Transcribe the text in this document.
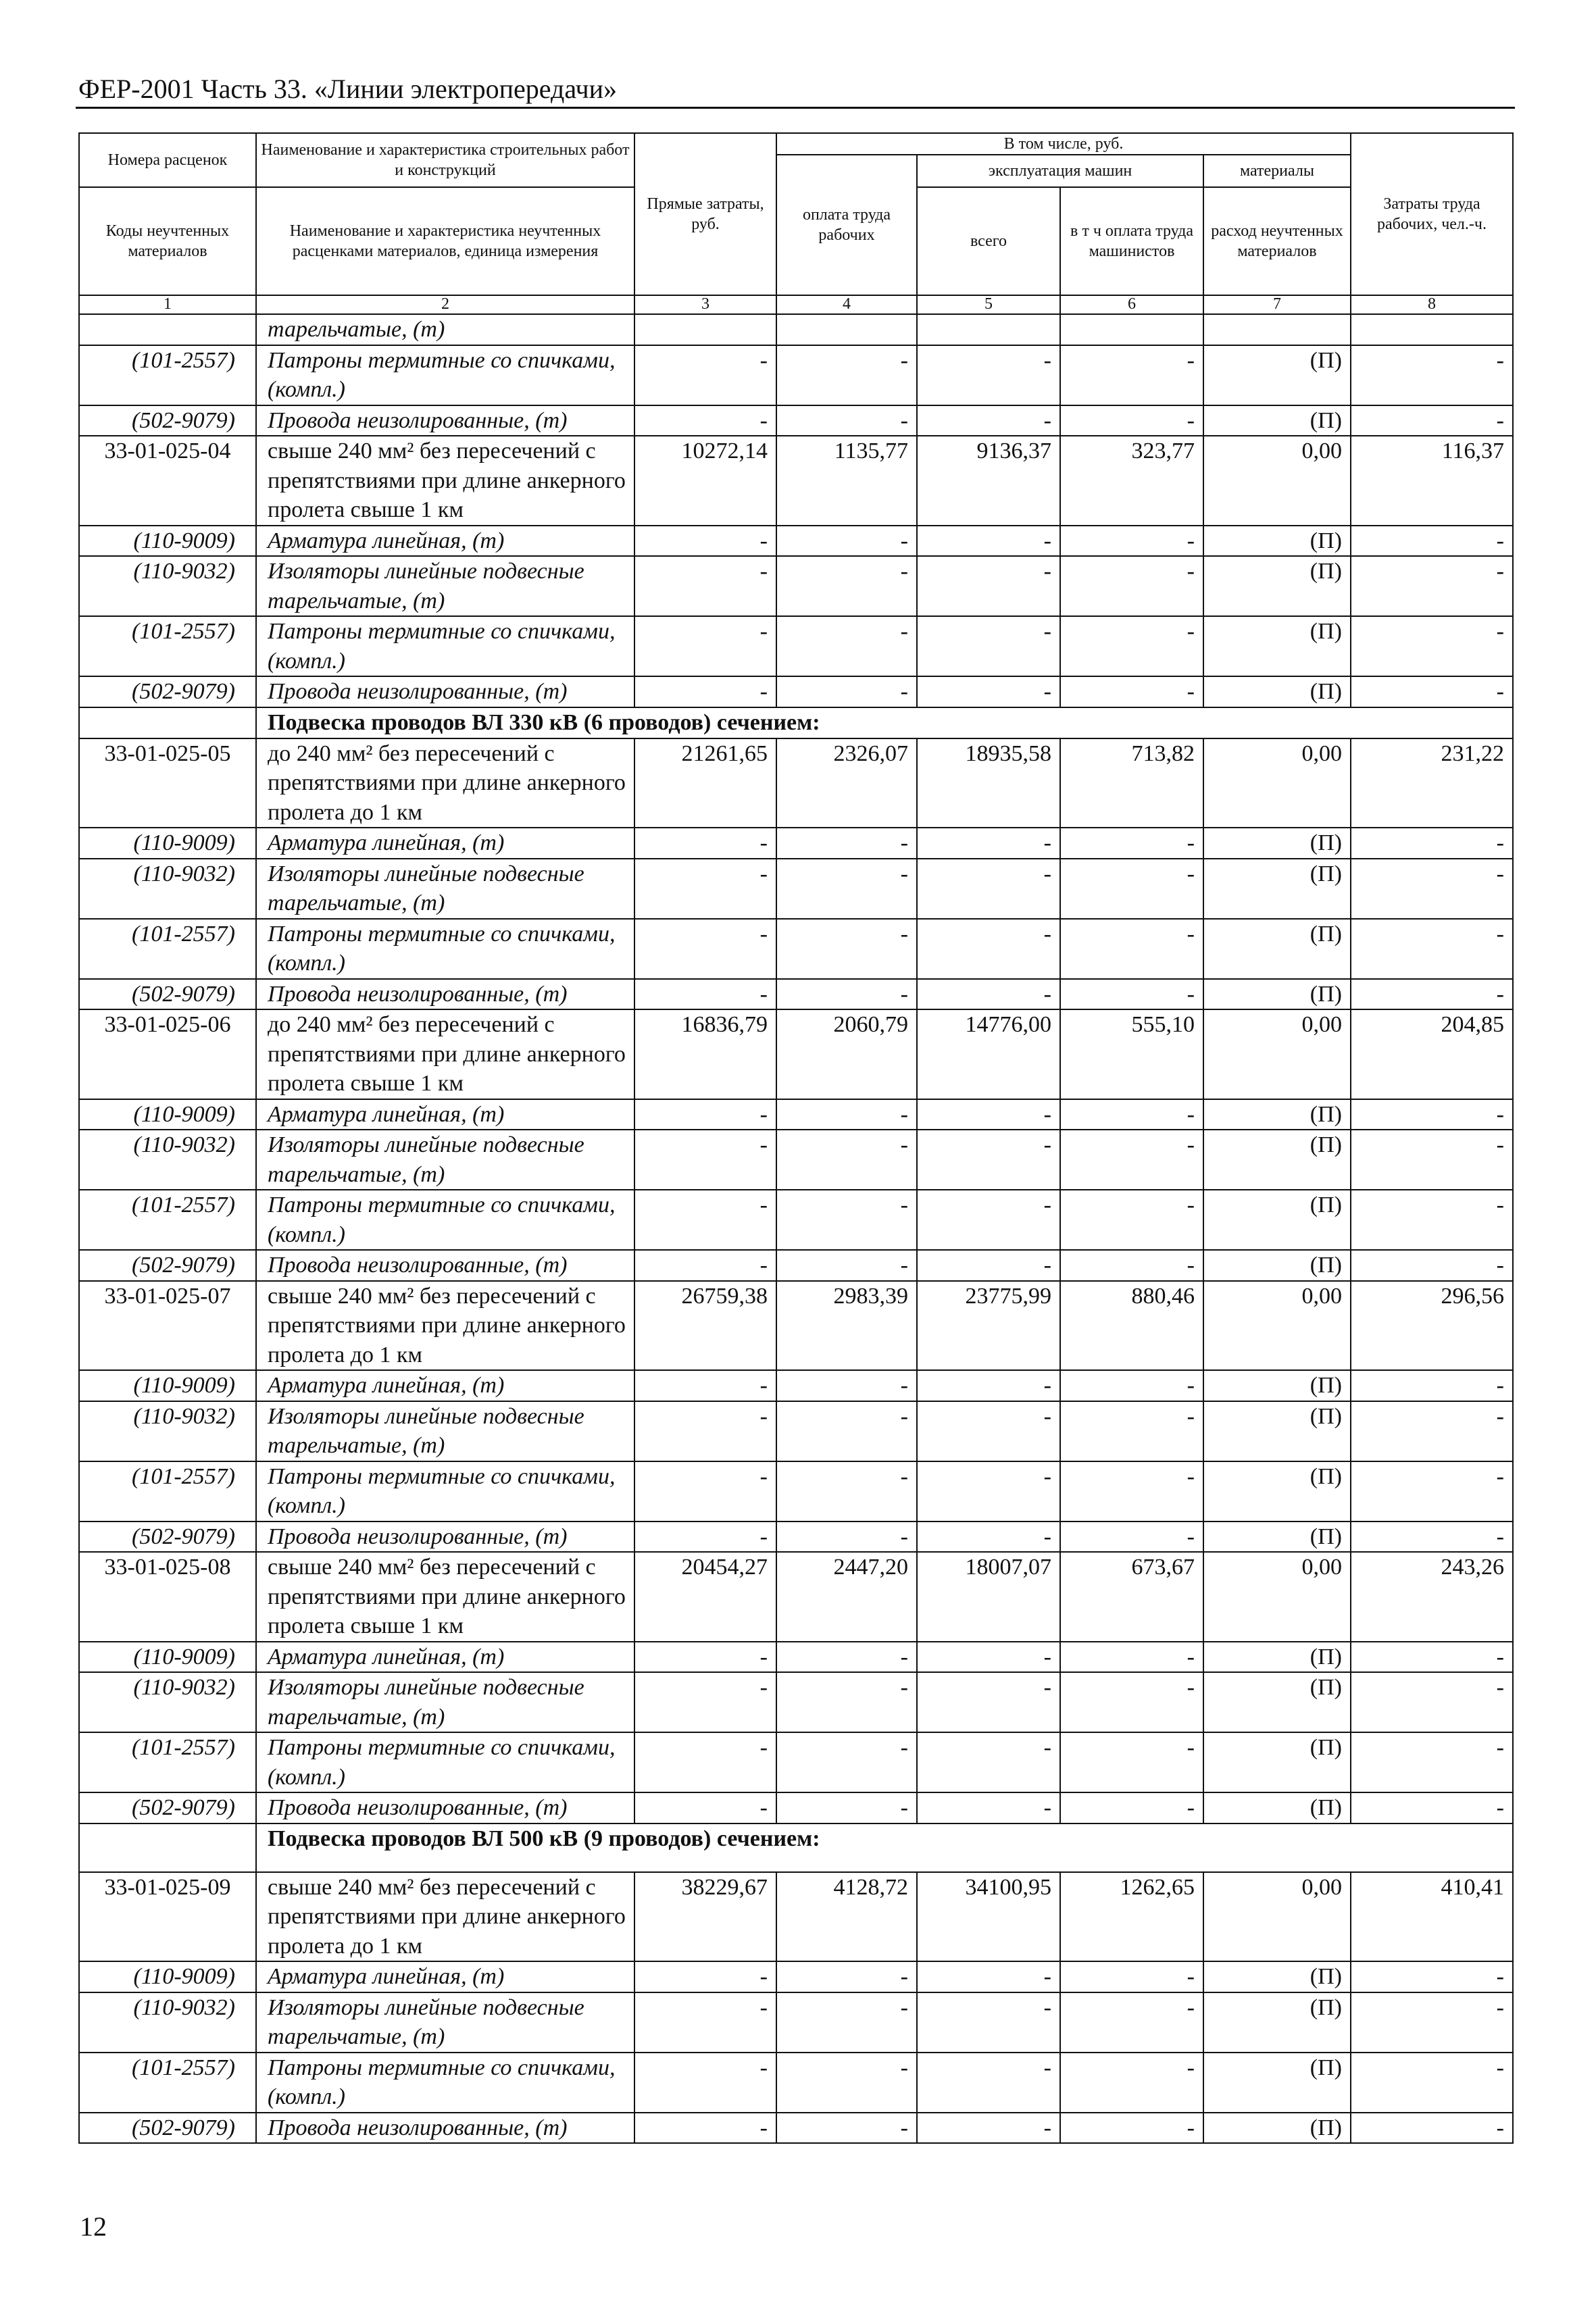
ФЕР-2001 Часть 33. «Линии электропередачи»
Номера расценок	Наименование и характеристика строительных работ и конструкций	Прямые затраты, руб.	В том числе, руб.				Затраты труда рабочих, чел.-ч.

			оплата труда рабочих	эксплуатация машин		материалы	

Коды неучтенных материалов	Наименование и характеристика неучтенных расценками материалов, единица измерения			всего	в т ч оплата труда машинистов	расход неучтенных материалов	

1	2	3	4	5	6	7	8
	тарельчатые, (т)						
(101-2557)	Патроны термитные со спичками, (компл.)	-	-	-	-	(П)	-
(502-9079)	Провода неизолированные, (т)	-	-	-	-	(П)	-
33-01-025-04	свыше 240 мм² без пересечений с препятствиями при длине анкерного пролета свыше 1 км	10272,14	1135,77	9136,37	323,77	0,00	116,37
(110-9009)	Арматура линейная, (т)	-	-	-	-	(П)	-
(110-9032)	Изоляторы линейные подвесные тарельчатые, (т)	-	-	-	-	(П)	-
(101-2557)	Патроны термитные со спичками, (компл.)	-	-	-	-	(П)	-
(502-9079)	Провода неизолированные, (т)	-	-	-	-	(П)	-
	Подвеска проводов ВЛ 330 кВ (6 проводов) сечением:						
33-01-025-05	до 240 мм² без пересечений с препятствиями при длине анкерного пролета до 1 км	21261,65	2326,07	18935,58	713,82	0,00	231,22
(110-9009)	Арматура линейная, (т)	-	-	-	-	(П)	-
(110-9032)	Изоляторы линейные подвесные тарельчатые, (т)	-	-	-	-	(П)	-
(101-2557)	Патроны термитные со спичками, (компл.)	-	-	-	-	(П)	-
(502-9079)	Провода неизолированные, (т)	-	-	-	-	(П)	-
33-01-025-06	до 240 мм² без пересечений с препятствиями при длине анкерного пролета свыше 1 км	16836,79	2060,79	14776,00	555,10	0,00	204,85
(110-9009)	Арматура линейная, (т)	-	-	-	-	(П)	-
(110-9032)	Изоляторы линейные подвесные тарельчатые, (т)	-	-	-	-	(П)	-
(101-2557)	Патроны термитные со спичками, (компл.)	-	-	-	-	(П)	-
(502-9079)	Провода неизолированные, (т)	-	-	-	-	(П)	-
33-01-025-07	свыше 240 мм² без пересечений с препятствиями при длине анкерного пролета до 1 км	26759,38	2983,39	23775,99	880,46	0,00	296,56
(110-9009)	Арматура линейная, (т)	-	-	-	-	(П)	-
(110-9032)	Изоляторы линейные подвесные тарельчатые, (т)	-	-	-	-	(П)	-
(101-2557)	Патроны термитные со спичками, (компл.)	-	-	-	-	(П)	-
(502-9079)	Провода неизолированные, (т)	-	-	-	-	(П)	-
33-01-025-08	свыше 240 мм² без пересечений с препятствиями при длине анкерного пролета свыше 1 км	20454,27	2447,20	18007,07	673,67	0,00	243,26
(110-9009)	Арматура линейная, (т)	-	-	-	-	(П)	-
(110-9032)	Изоляторы линейные подвесные тарельчатые, (т)	-	-	-	-	(П)	-
(101-2557)	Патроны термитные со спичками, (компл.)	-	-	-	-	(П)	-
(502-9079)	Провода неизолированные, (т)	-	-	-	-	(П)	-
	Подвеска проводов ВЛ 500 кВ (9 проводов) сечением:						
33-01-025-09	свыше 240 мм² без пересечений с препятствиями при длине анкерного пролета до 1 км	38229,67	4128,72	34100,95	1262,65	0,00	410,41
(110-9009)	Арматура линейная, (т)	-	-	-	-	(П)	-
(110-9032)	Изоляторы линейные подвесные тарельчатые, (т)	-	-	-	-	(П)	-
(101-2557)	Патроны термитные со спичками, (компл.)	-	-	-	-	(П)	-
(502-9079)	Провода неизолированные, (т)	-	-	-	-	(П)	-
12
